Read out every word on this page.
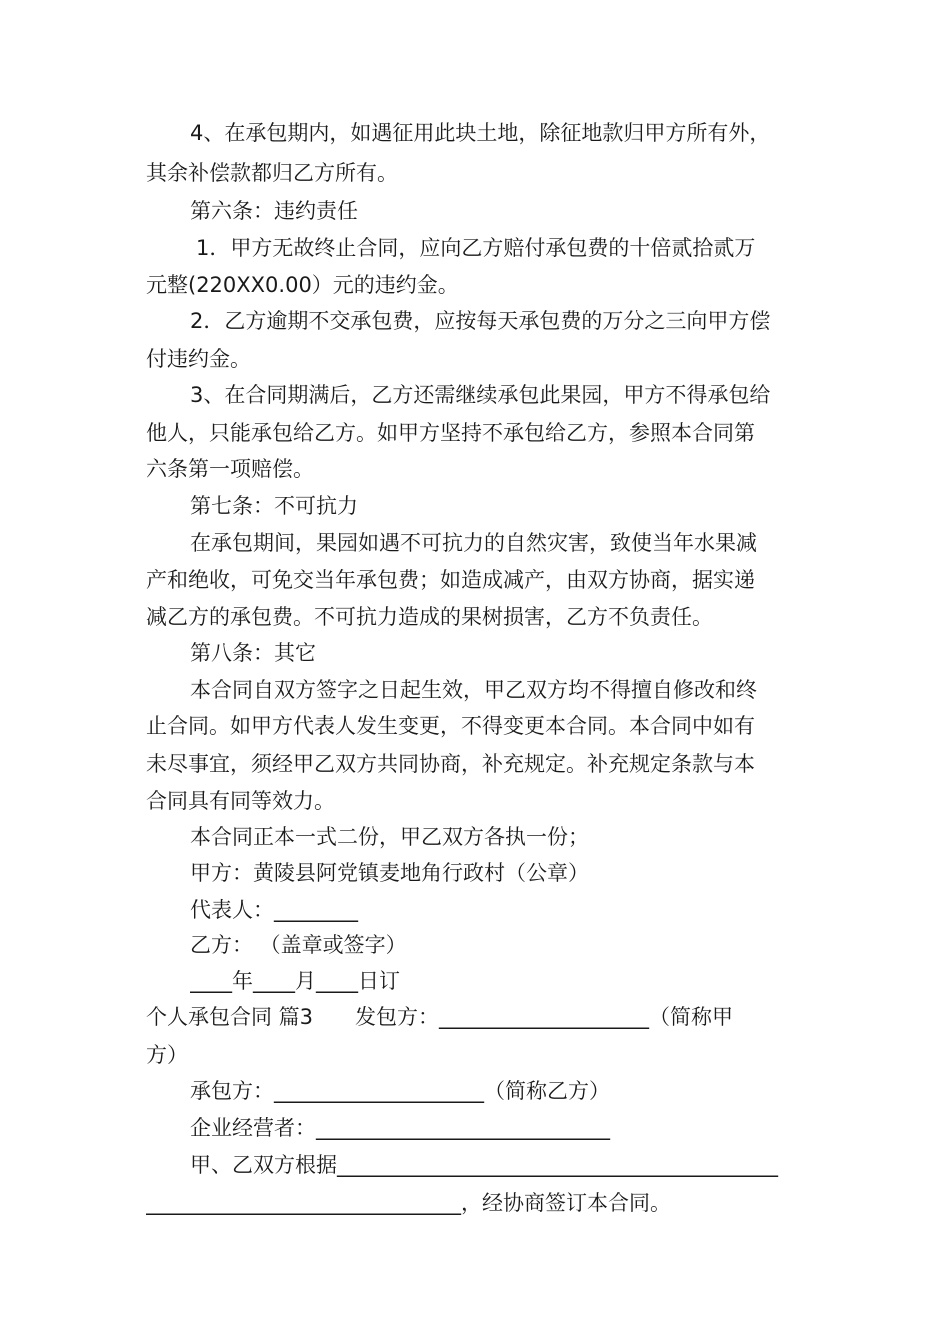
4、在承包期内，如遇征用此块土地，除征地款归甲方所有外，
其余补偿款都归乙方所有。
第六条：违约责任
1．甲方无故终止合同，应向乙方赔付承包费的十倍贰拾贰万
元整(220XX0.00）元的违约金。
2．乙方逾期不交承包费，应按每天承包费的万分之三向甲方偿
付违约金。
3、在合同期满后，乙方还需继续承包此果园，甲方不得承包给
他人，只能承包给乙方。如甲方坚持不承包给乙方，参照本合同第
六条第一项赔偿。
第七条：不可抗力
在承包期间，果园如遇不可抗力的自然灾害，致使当年水果减
产和绝收，可免交当年承包费；如造成减产，由双方协商，据实递
减乙方的承包费。不可抗力造成的果树损害，乙方不负责任。
第八条：其它
本合同自双方签字之日起生效，甲乙双方均不得擅自修改和终
止合同。如甲方代表人发生变更，不得变更本合同。本合同中如有
未尽事宜，须经甲乙双方共同协商，补充规定。补充规定条款与本
合同具有同等效力。
本合同正本一式二份，甲乙双方各执一份；
甲方：黄陵县阿党镇麦地角行政村（公章）
代表人：________
乙方： （盖章或签字）
____年____月____日订
个人承包合同 篇3　　发包方：____________________（简称甲
方）
承包方：____________________（简称乙方）
企业经营者：____________________________
甲、乙双方根据__________________________________________
______________________________，经协商签订本合同。
